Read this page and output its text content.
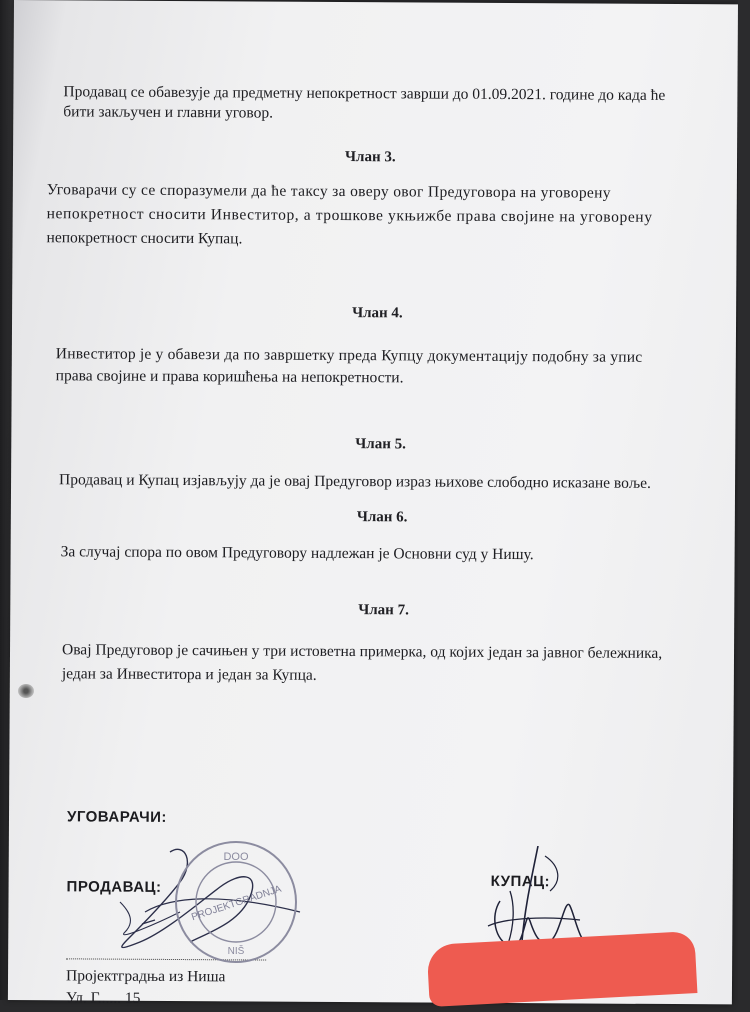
Продавац се обавезује да предметну непокретност заврши до 01.09.2021. године до када ће
бити закључен и главни уговор.
Члан 3.
Уговарачи су се споразумели да ће таксу за оверу овог Предуговора на уговорену
непокретност сносити Инвеститор, а трошкове укњижбе права својине на уговорену
непокретност сносити Купац.
Члан 4.
Инвеститор је у обавези да по завршетку преда Купцу документацију подобну за упис
права својине и права коришћења на непокретности.
Члан 5.
Продавац и Купац изјављују да је овај Предуговор израз њихове слободно исказане воље.
Члан 6.
За случај спора по овом Предуговору надлежан је Основни суд у Нишу.
Члан 7.
Овај Предуговор је сачињен у три истоветна примерка, од којих један за јавног бележника,
један за Инвеститора и један за Купца.
УГОВАРАЧИ:
ПРОДАВАЦ:	КУПАЦ:
Пројектградња из Ниша
Ул. Г...... 15
DOO
PROJEKTGRADNJA
NIŠ
